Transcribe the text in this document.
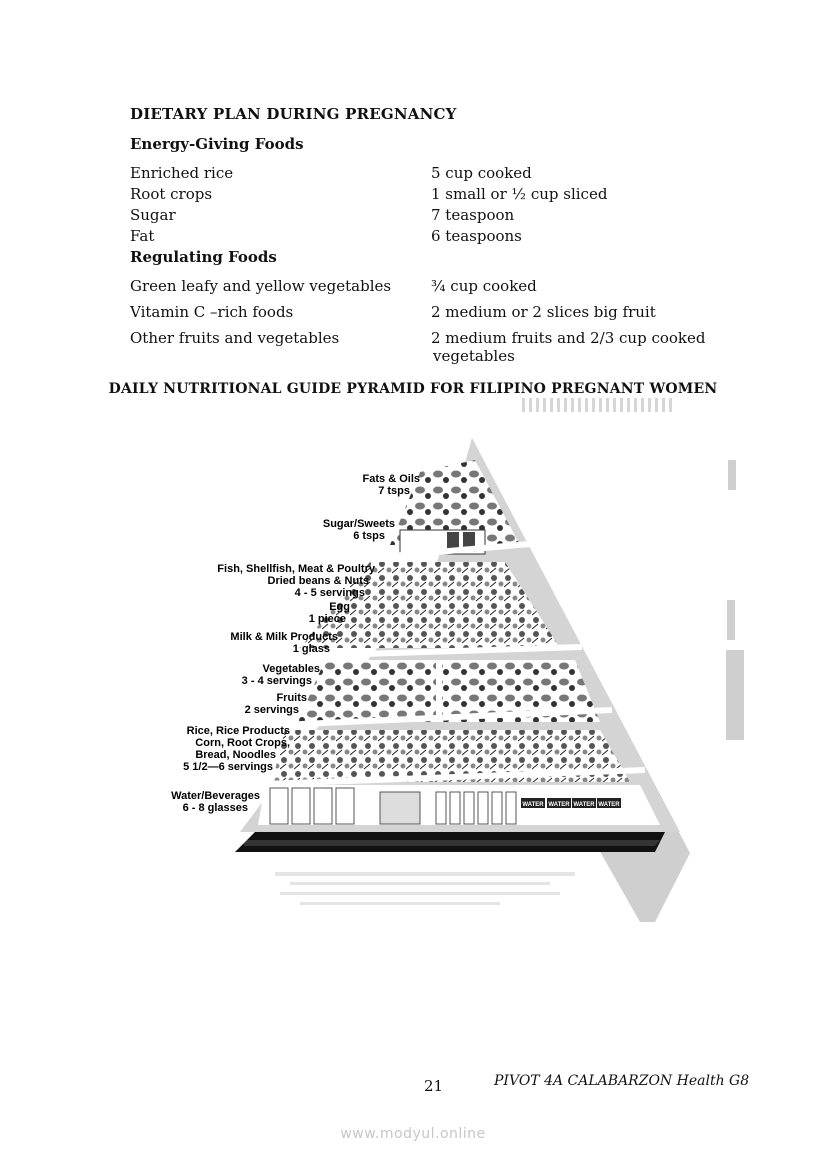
DIETARY PLAN DURING PREGNANCY
Energy-Giving Foods
Enriched rice	5 cup cooked
Root crops	1 small or ½ cup sliced
Sugar	7 teaspoon
Fat	6 teaspoons
Regulating Foods
Green leafy and yellow vegetables	¾ cup cooked
Vitamin C –rich foods	2 medium or 2 slices big fruit
Other fruits and vegetables	2 medium fruits and 2/3 cup cooked
vegetables
DAILY NUTRITIONAL GUIDE PYRAMID FOR FILIPINO PREGNANT WOMEN
WATER WATER WATER WATER
Fats & Oils
7 tsps
Sugar/Sweets
6 tsps
Fish, Shellfish, Meat & Poultry
Dried beans & Nuts
4 - 5 servings
Egg
1 piece
Milk & Milk Products
1 glass
Vegetables
3 - 4 servings
Fruits
2 servings
Rice, Rice Products
Corn, Root Crops,
Bread, Noodles
5 1/2—6 servings
Water/Beverages
6 - 8 glasses
21	PIVOT 4A CALABARZON Health G8
www.modyul.online
